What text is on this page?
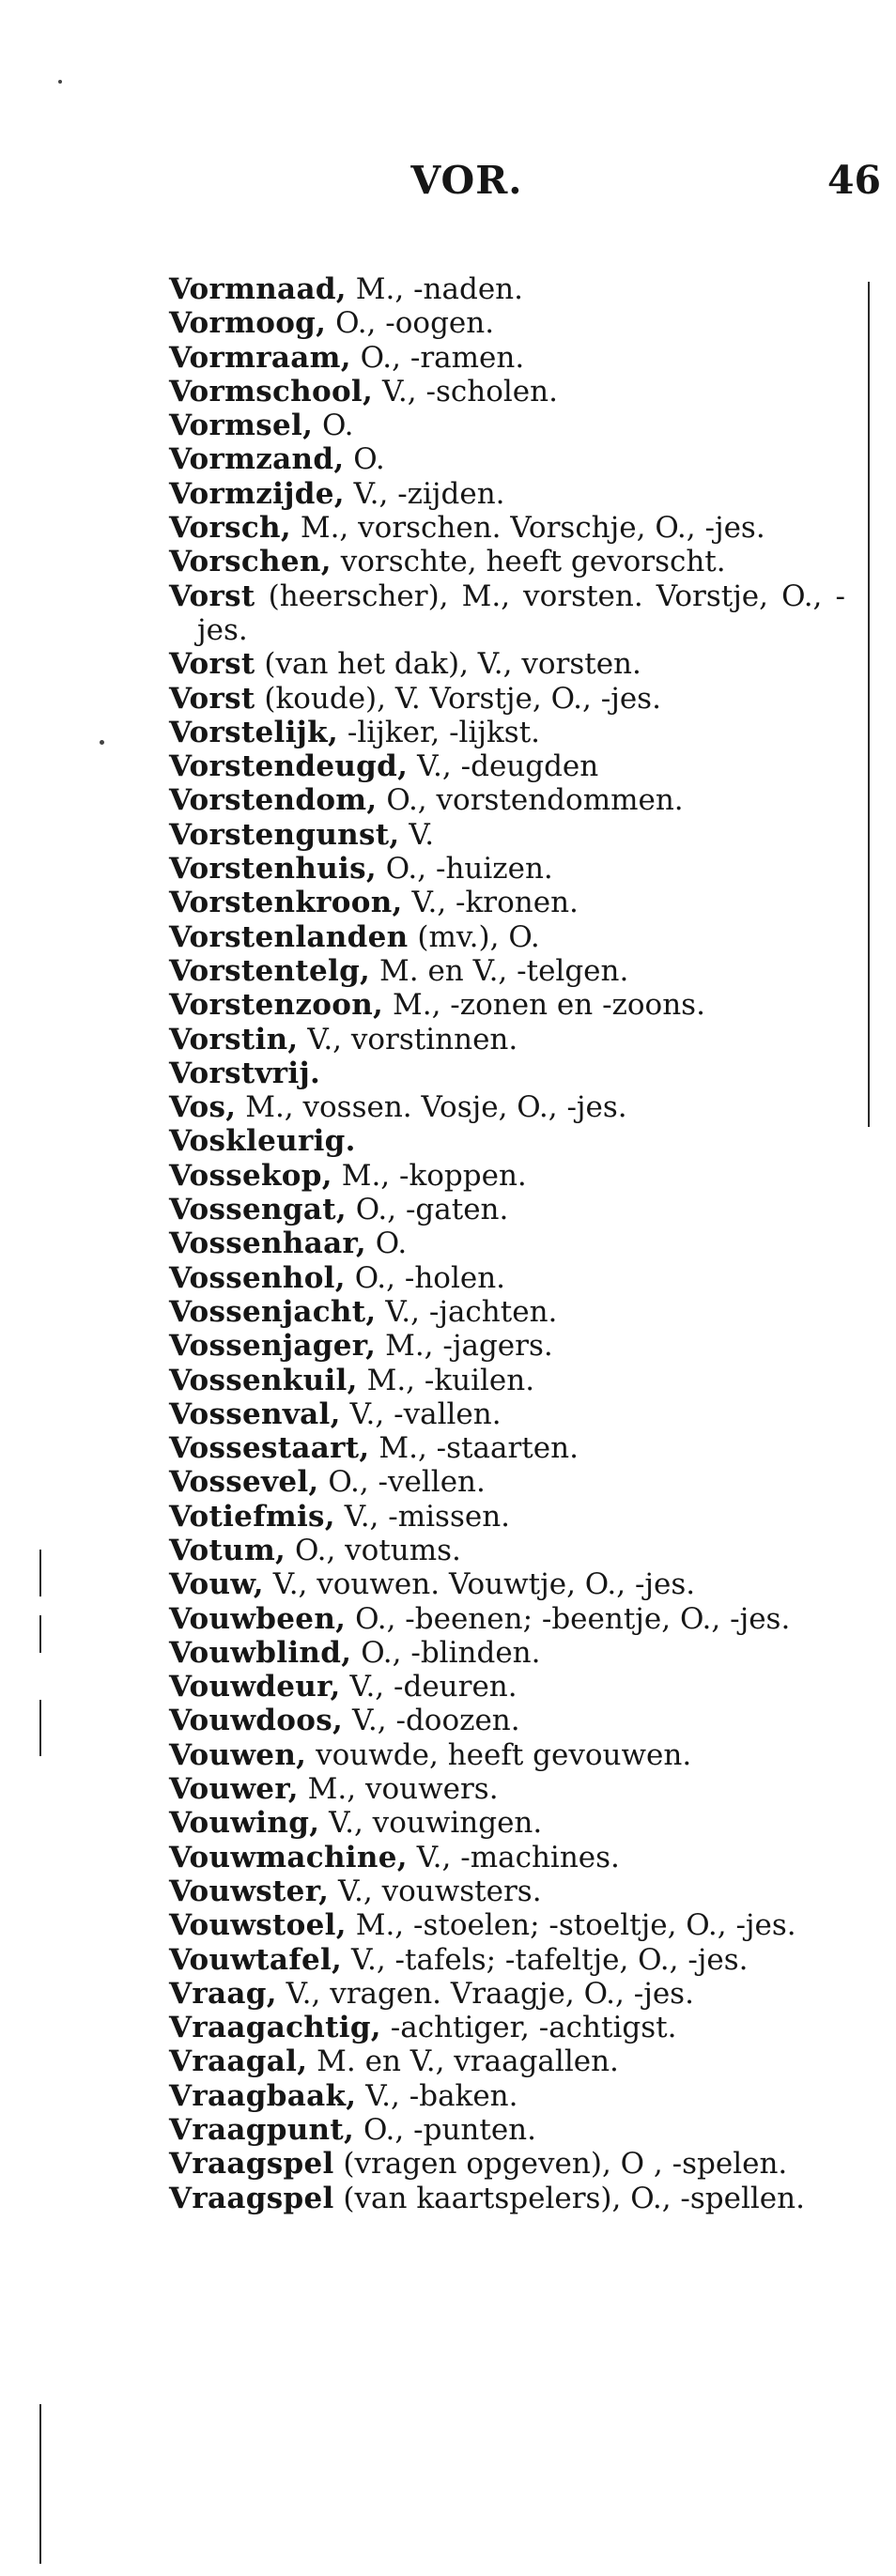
VOR.	46

Vormnaad, M., -naden.

Vormoog, O., -oogen.

Vormraam, O., -ramen.

Vormschool, V., -scholen.

Vormsel, O.

Vormzand, O.

Vormzijde, V., -zijden.

Vorsch, M., vorschen. Vorschje, O., -jes.

Vorschen, vorschte, heeft gevorscht.

Vorst (heerscher), M., vorsten. Vorstje, O., -jes.

Vorst (van het dak), V., vorsten.

Vorst (koude), V. Vorstje, O., -jes.

Vorstelijk, -lijker, -lijkst.

Vorstendeugd, V., -deugden

Vorstendom, O., vorstendommen.

Vorstengunst, V.

Vorstenhuis, O., -huizen.

Vorstenkroon, V., -kronen.

Vorstenlanden (mv.), O.

Vorstentelg, M. en V., -telgen.

Vorstenzoon, M., -zonen en -zoons.

Vorstin, V., vorstinnen.

Vorstvrij.

Vos, M., vossen. Vosje, O., -jes.

Voskleurig.

Vossekop, M., -koppen.

Vossengat, O., -gaten.

Vossenhaar, O.

Vossenhol, O., -holen.

Vossenjacht, V., -jachten.

Vossenjager, M., -jagers.

Vossenkuil, M., -kuilen.

Vossenval, V., -vallen.

Vossestaart, M., -staarten.

Vossevel, O., -vellen.

Votiefmis, V., -missen.

Votum, O., votums.

Vouw, V., vouwen. Vouwtje, O., -jes.

Vouwbeen, O., -beenen; -beentje, O., -jes.

Vouwblind, O., -blinden.

Vouwdeur, V., -deuren.

Vouwdoos, V., -doozen.

Vouwen, vouwde, heeft gevouwen.

Vouwer, M., vouwers.

Vouwing, V., vouwingen.

Vouwmachine, V., -machines.

Vouwster, V., vouwsters.

Vouwstoel, M., -stoelen; -stoeltje, O., -jes.

Vouwtafel, V., -tafels; -tafeltje, O., -jes.

Vraag, V., vragen. Vraagje, O., -jes.

Vraagachtig, -achtiger, -achtigst.

Vraagal, M. en V., vraagallen.

Vraagbaak, V., -baken.

Vraagpunt, O., -punten.

Vraagspel (vragen opgeven), O , -spelen.

Vraagspel (van kaartspelers), O., -spellen.
